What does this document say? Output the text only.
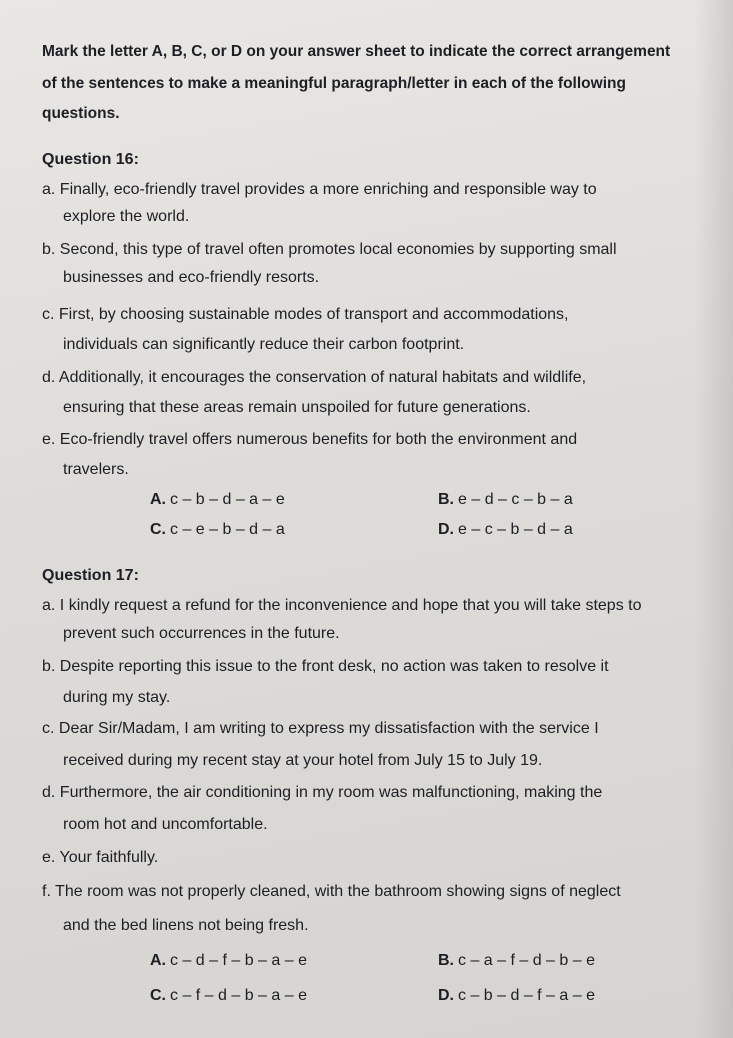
Mark the letter A, B, C, or D on your answer sheet to indicate the correct arrangement
of the sentences to make a meaningful paragraph/letter in each of the following
questions.
Question 16:
a. Finally, eco-friendly travel provides a more enriching and responsible way to
explore the world.
b. Second, this type of travel often promotes local economies by supporting small
businesses and eco-friendly resorts.
c. First, by choosing sustainable modes of transport and accommodations,
individuals can significantly reduce their carbon footprint.
d. Additionally, it encourages the conservation of natural habitats and wildlife,
ensuring that these areas remain unspoiled for future generations.
e. Eco-friendly travel offers numerous benefits for both the environment and
travelers.
A. c – b – d – a – e	B. e – d – c – b – a
C. c – e – b – d – a	D. e – c – b – d – a
Question 17:
a. I kindly request a refund for the inconvenience and hope that you will take steps to
prevent such occurrences in the future.
b. Despite reporting this issue to the front desk, no action was taken to resolve it
during my stay.
c. Dear Sir/Madam, I am writing to express my dissatisfaction with the service I
received during my recent stay at your hotel from July 15 to July 19.
d. Furthermore, the air conditioning in my room was malfunctioning, making the
room hot and uncomfortable.
e. Your faithfully.
f. The room was not properly cleaned, with the bathroom showing signs of neglect
and the bed linens not being fresh.
A. c – d – f – b – a – e	B. c – a – f – d – b – e
C. c – f – d – b – a – e	D. c – b – d – f – a – e
